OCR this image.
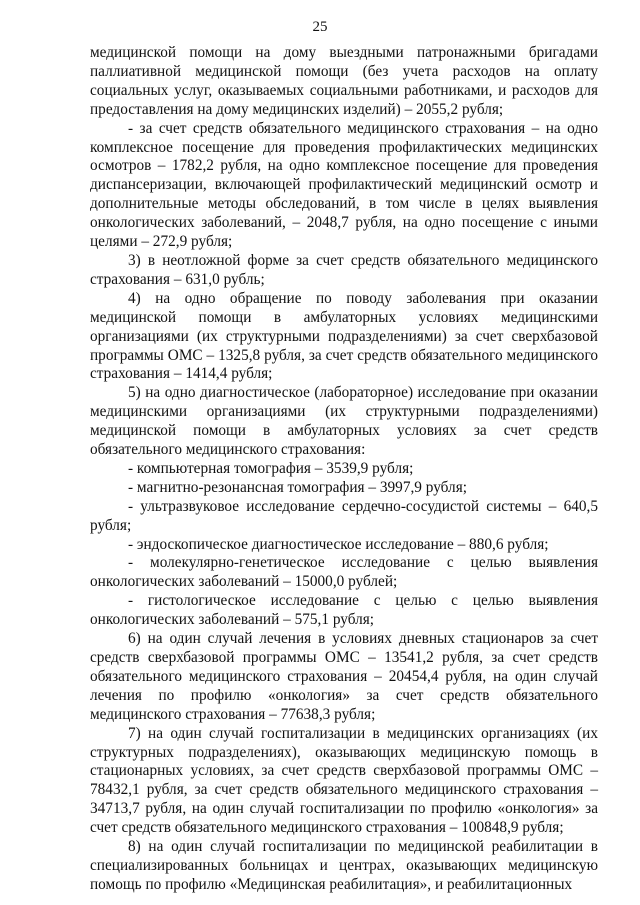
25

медицинской помощи на дому выездными патронажными бригадами паллиативной медицинской помощи (без учета расходов на оплату социальных услуг, оказываемых социальными работниками, и расходов для предоставления на дому медицинских изделий) – 2055,2 рубля;

- за счет средств обязательного медицинского страхования – на одно комплексное посещение для проведения профилактических медицинских осмотров – 1782,2 рубля, на одно комплексное посещение для проведения диспансеризации, включающей профилактический медицинский осмотр и дополнительные методы обследований, в том числе в целях выявления онкологических заболеваний, – 2048,7 рубля, на одно посещение с иными целями – 272,9 рубля;

3) в неотложной форме за счет средств обязательного медицинского страхования – 631,0 рубль;

4) на одно обращение по поводу заболевания при оказании медицинской помощи в амбулаторных условиях медицинскими организациями (их структурными подразделениями) за счет сверхбазовой программы ОМС – 1325,8 рубля, за счет средств обязательного медицинского страхования – 1414,4 рубля;

5) на одно диагностическое (лабораторное) исследование при оказании медицинскими организациями (их структурными подразделениями) медицинской помощи в амбулаторных условиях за счет средств обязательного медицинского страхования:

- компьютерная томография – 3539,9 рубля;

- магнитно-резонансная томография – 3997,9 рубля;

- ультразвуковое исследование сердечно-сосудистой системы – 640,5 рубля;

- эндоскопическое диагностическое исследование – 880,6 рубля;

- молекулярно-генетическое исследование с целью выявления онкологических заболеваний – 15000,0 рублей;

- гистологическое исследование с целью с целью выявления онкологических заболеваний – 575,1 рубля;

6) на один случай лечения в условиях дневных стационаров за счет средств сверхбазовой программы ОМС – 13541,2 рубля, за счет средств обязательного медицинского страхования – 20454,4 рубля, на один случай лечения по профилю «онкология» за счет средств обязательного медицинского страхования – 77638,3 рубля;

7) на один случай госпитализации в медицинских организациях (их структурных подразделениях), оказывающих медицинскую помощь в стационарных условиях, за счет средств сверхбазовой программы ОМС – 78432,1 рубля, за счет средств обязательного медицинского страхования – 34713,7 рубля, на один случай госпитализации по профилю «онкология» за счет средств обязательного медицинского страхования – 100848,9 рубля;

8) на один случай госпитализации по медицинской реабилитации в специализированных больницах и центрах, оказывающих медицинскую помощь по профилю «Медицинская реабилитация», и реабилитационных
